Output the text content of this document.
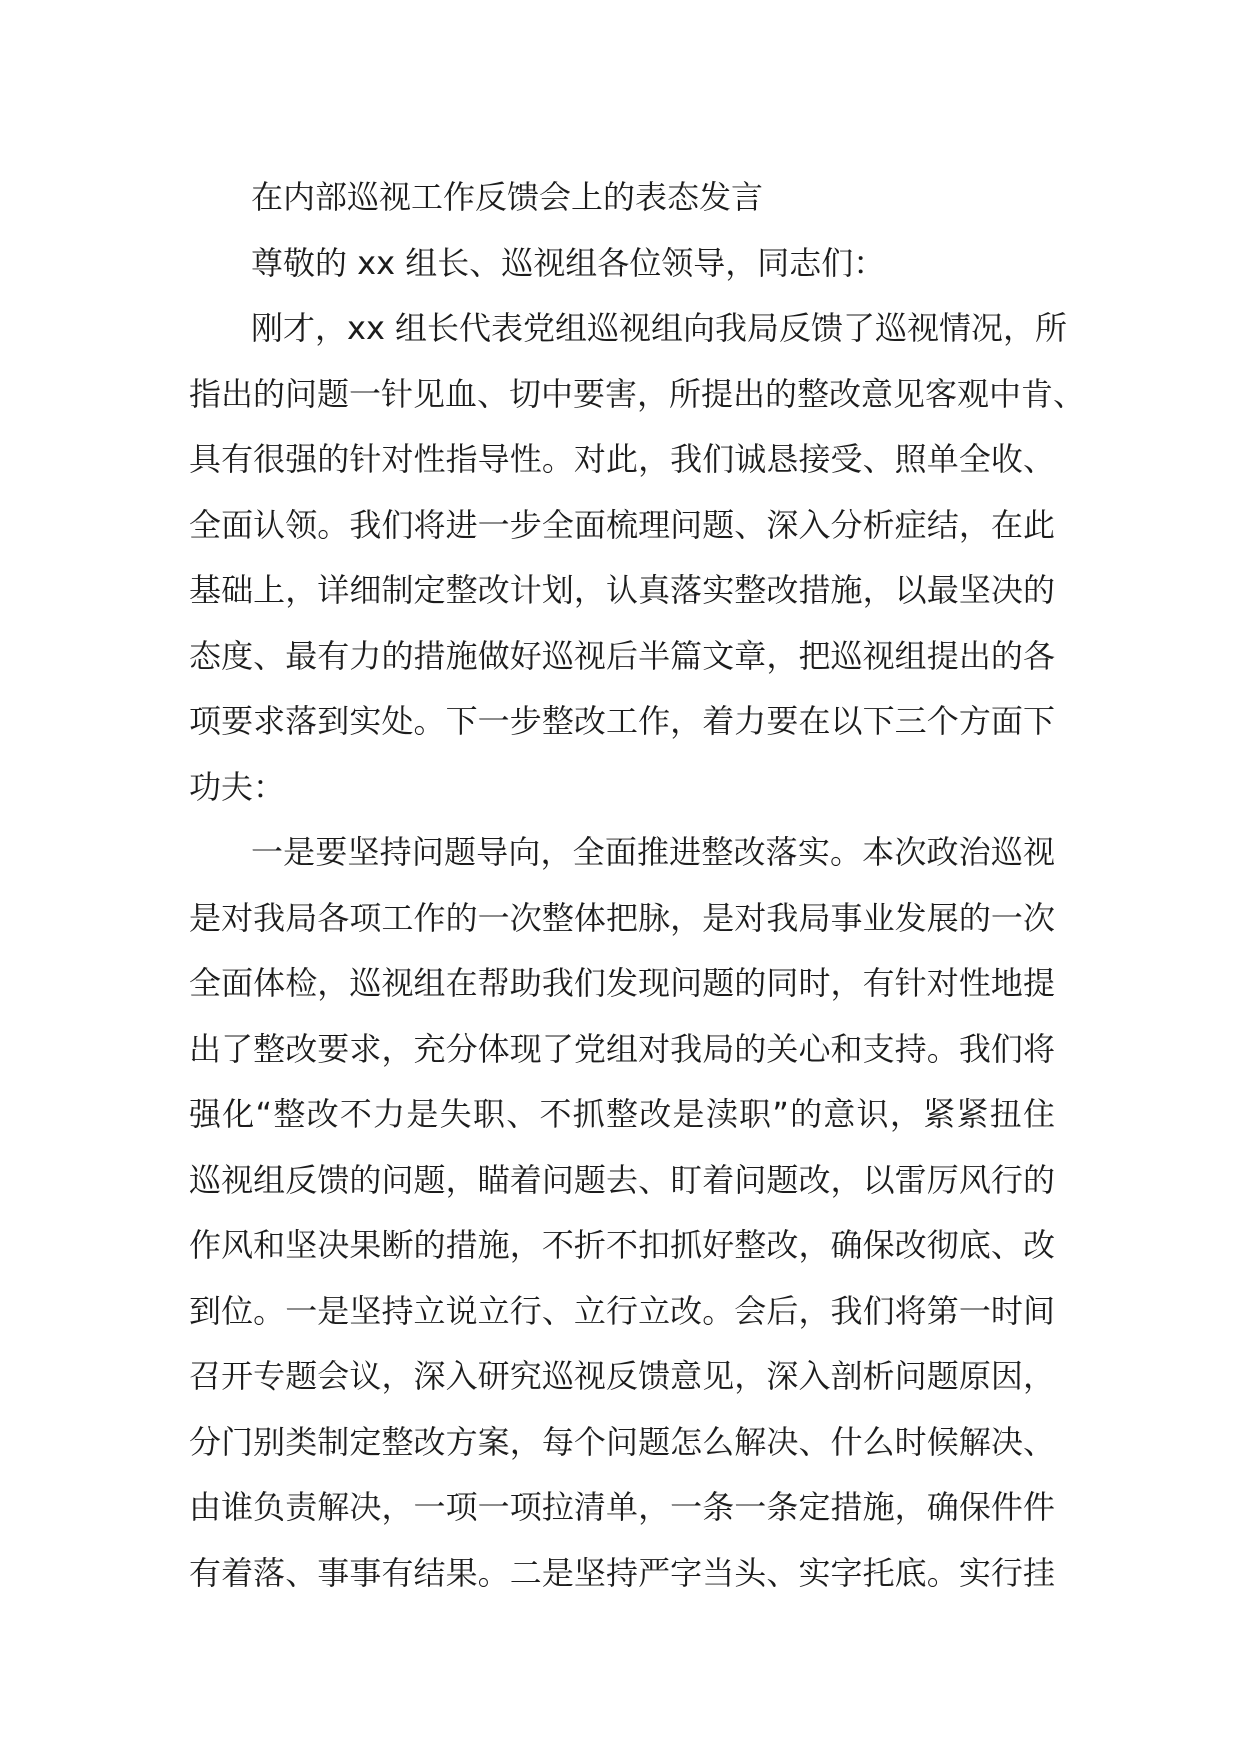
在内部巡视工作反馈会上的表态发言
尊敬的 xx 组长、巡视组各位领导，同志们：
刚才，xx 组长代表党组巡视组向我局反馈了巡视情况，所
指出的问题一针见血、切中要害，所提出的整改意见客观中肯、
具有很强的针对性指导性。对此，我们诚恳接受、照单全收、
全面认领。我们将进一步全面梳理问题、深入分析症结，在此
基础上，详细制定整改计划，认真落实整改措施，以最坚决的
态度、最有力的措施做好巡视后半篇文章，把巡视组提出的各
项要求落到实处。下一步整改工作，着力要在以下三个方面下
功夫：
一是要坚持问题导向，全面推进整改落实。本次政治巡视
是对我局各项工作的一次整体把脉，是对我局事业发展的一次
全面体检，巡视组在帮助我们发现问题的同时，有针对性地提
出了整改要求，充分体现了党组对我局的关心和支持。我们将
强化“整改不力是失职、不抓整改是渎职”的意识，紧紧扭住
巡视组反馈的问题，瞄着问题去、盯着问题改，以雷厉风行的
作风和坚决果断的措施，不折不扣抓好整改，确保改彻底、改
到位。一是坚持立说立行、立行立改。会后，我们将第一时间
召开专题会议，深入研究巡视反馈意见，深入剖析问题原因，
分门别类制定整改方案，每个问题怎么解决、什么时候解决、
由谁负责解决，一项一项拉清单，一条一条定措施，确保件件
有着落、事事有结果。二是坚持严字当头、实字托底。实行挂
